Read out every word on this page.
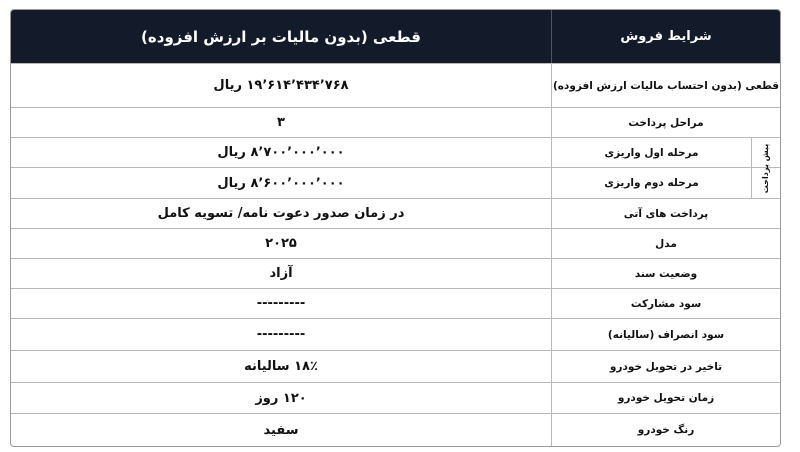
قطعی (بدون مالیات بر ارزش افزوده)	شرایط فروش
۱۹٬۶۱۴٬۴۳۴٬۷۶۸ ریال	قطعی (بدون احتساب مالیات ارزش افزوده)
۳	مراحل پرداخت
۸٬۷۰۰٬۰۰۰٬۰۰۰ ریال	مرحله اول واریزی
۸٬۶۰۰٬۰۰۰٬۰۰۰ ریال	مرحله دوم واریزی	پیش پرداخت
در زمان صدور دعوت نامه/ تسویه کامل	پرداخت های آتی
۲۰۲۵	مدل
آزاد	وضعیت سند
---------	سود مشارکت
---------	سود انصراف (سالیانه)
۱۸٪ سالیانه	تاخیر در تحویل خودرو
۱۲۰ روز	زمان تحویل خودرو
سفید	رنگ خودرو
